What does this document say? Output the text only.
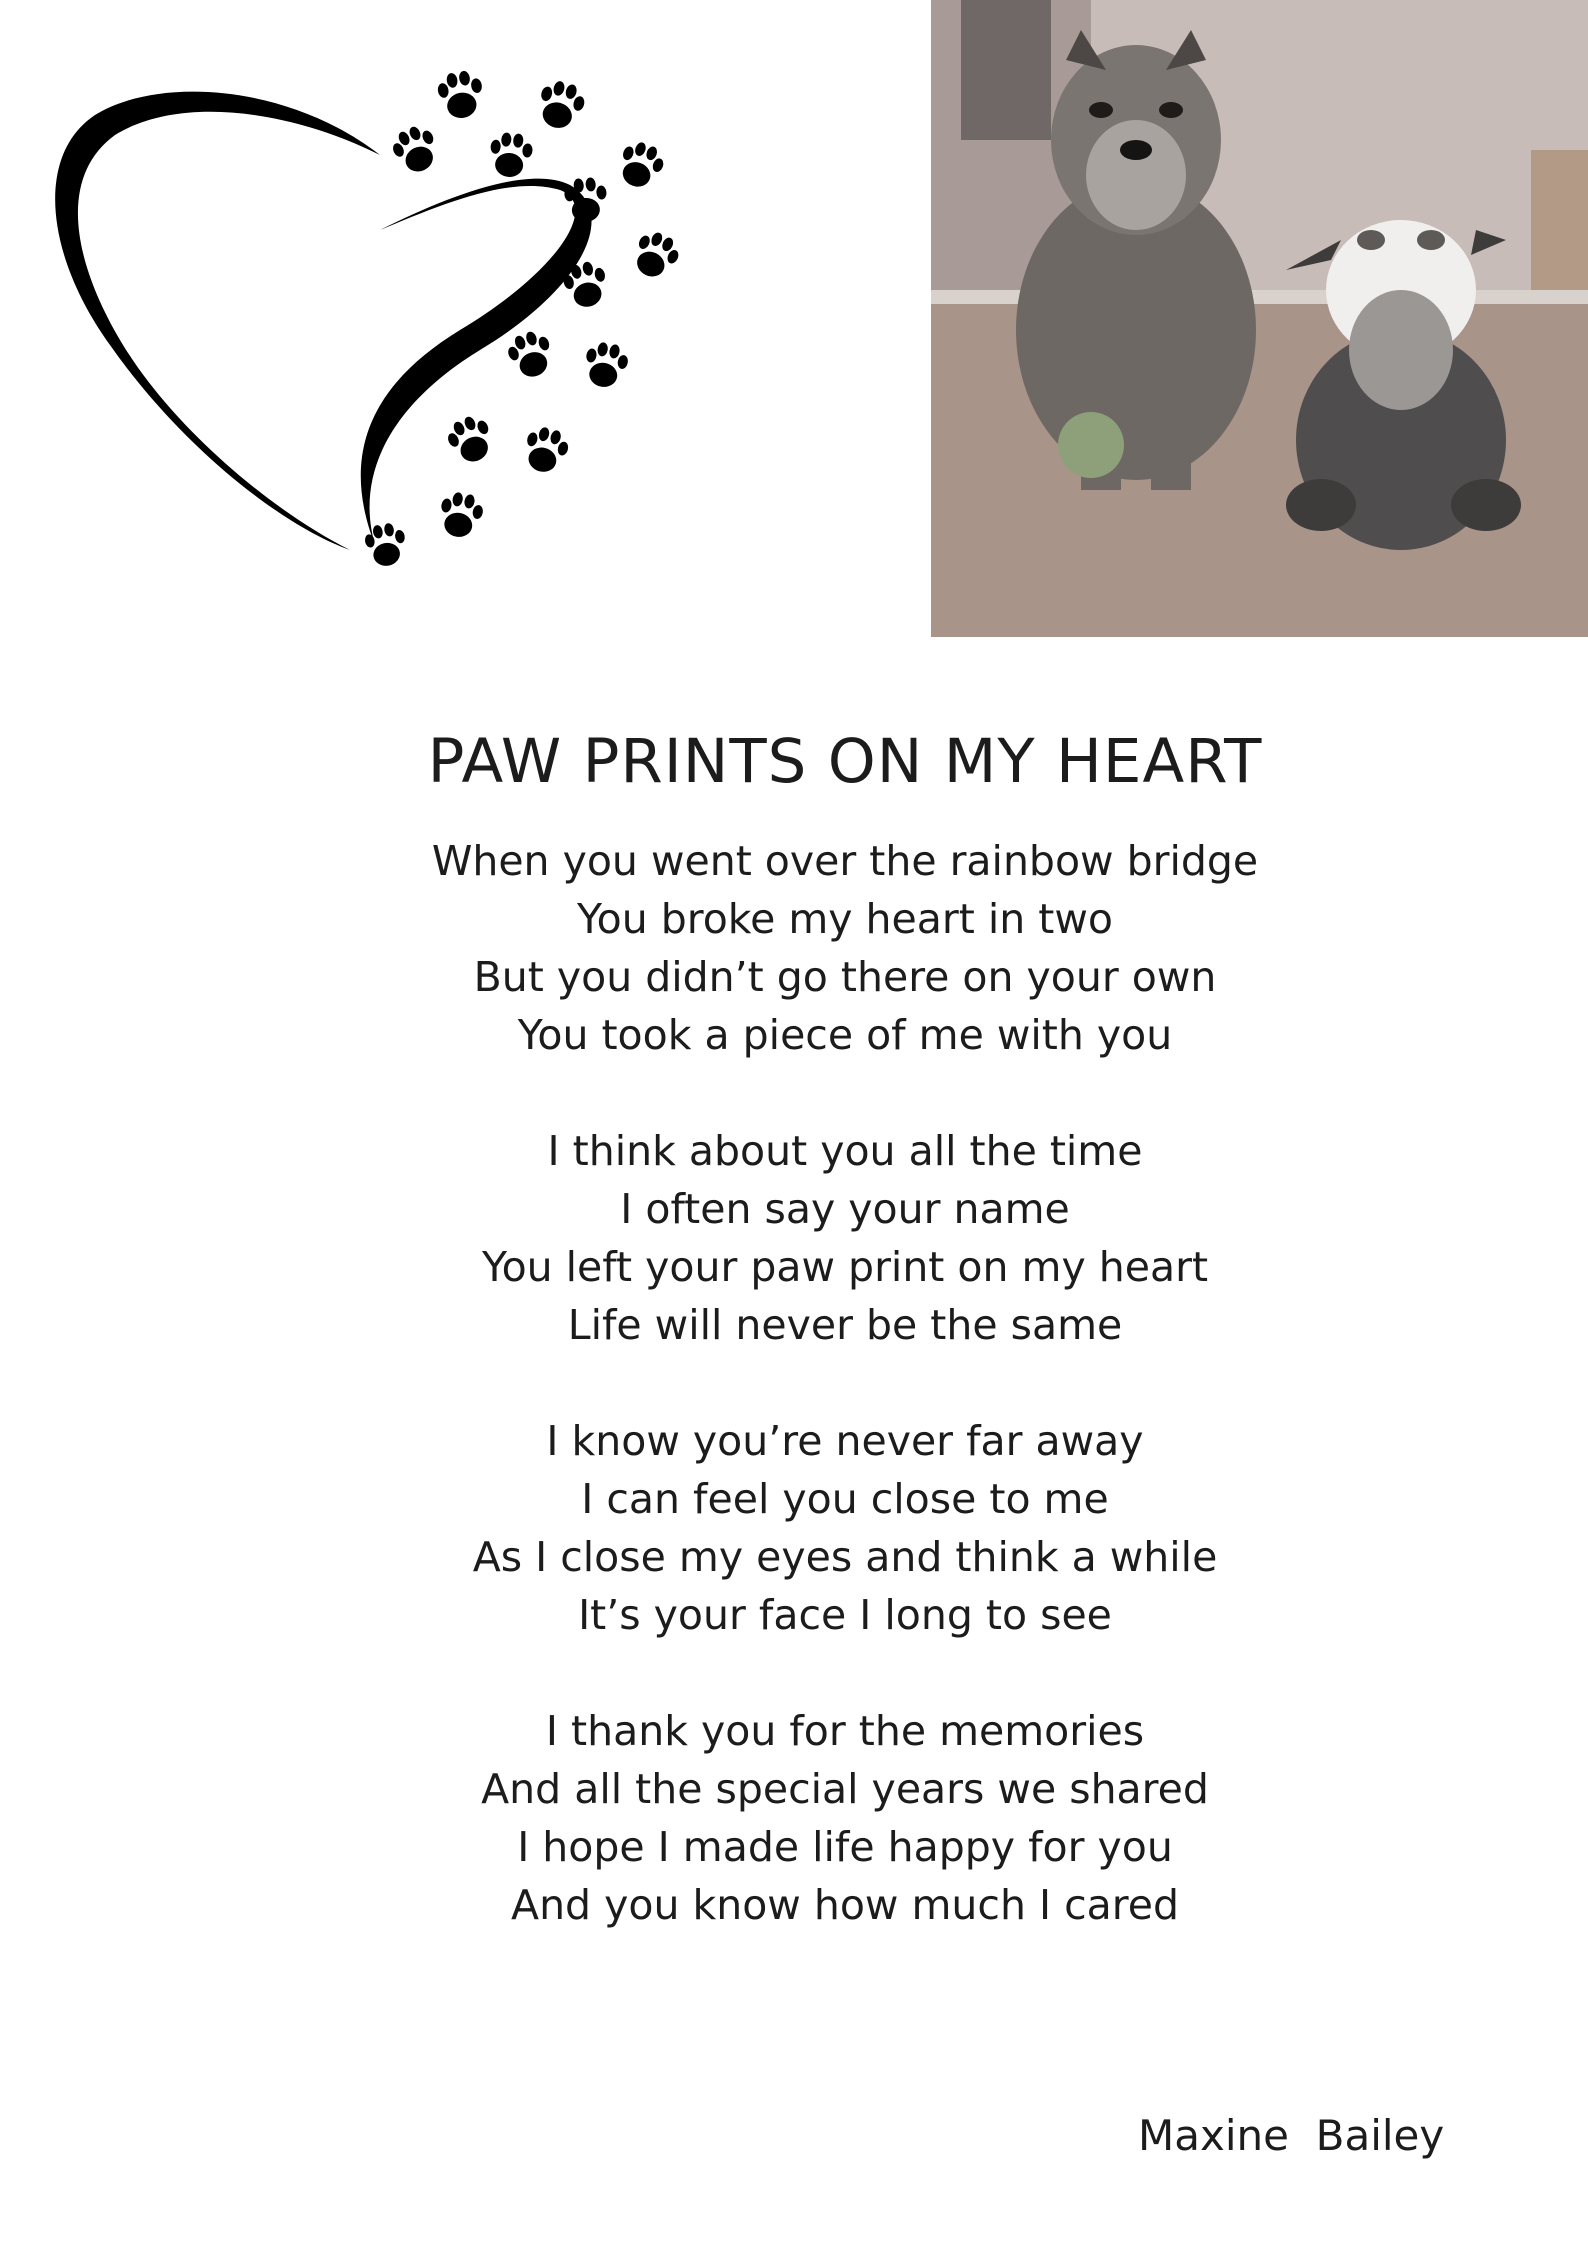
PAW PRINTS ON MY HEART
When you went over the rainbow bridge
You broke my heart in two
But you didn’t go there on your own
You took a piece of me with you
I think about you all the time
I often say your name
You left your paw print on my heart
Life will never be the same
I know you’re never far away
I can feel you close to me
As I close my eyes and think a while
It’s your face I long to see
I thank you for the memories
And all the special years we shared
I hope I made life happy for you
And you know how much I cared
Maxine  Bailey
